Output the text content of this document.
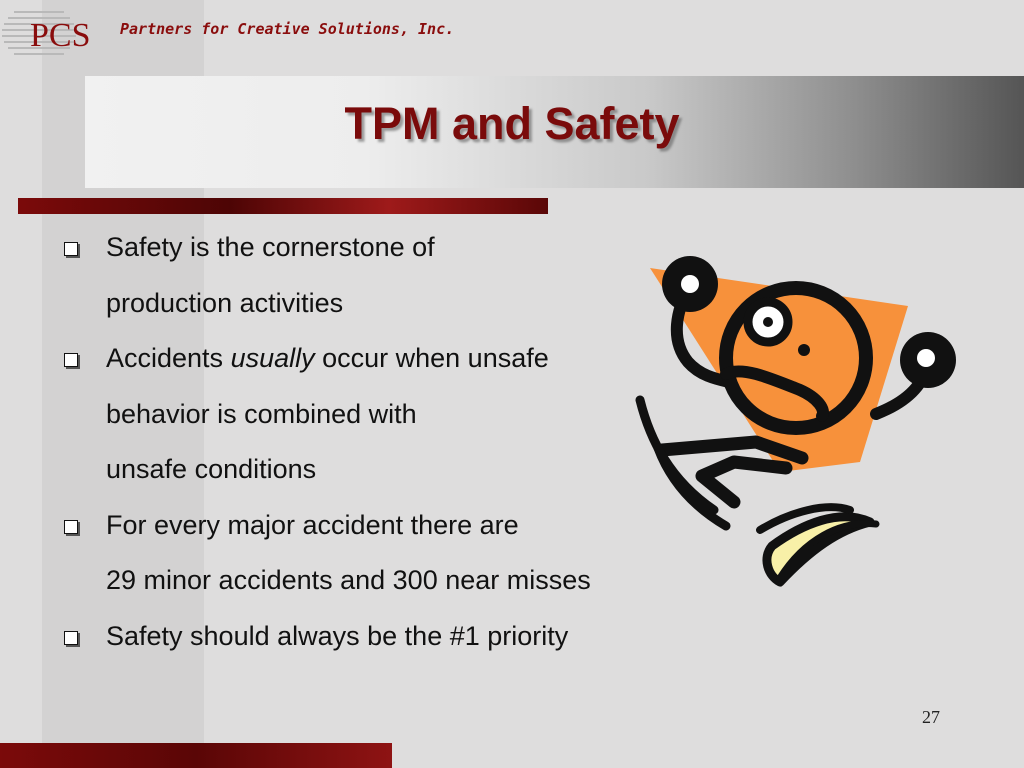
PCS Partners for Creative Solutions, Inc.
TPM and Safety
Safety is the cornerstone of
production activities
Accidents usually occur when unsafe
behavior is combined with
unsafe conditions
For every major accident there are
29 minor accidents and 300 near misses
Safety should always be the #1 priority
27
